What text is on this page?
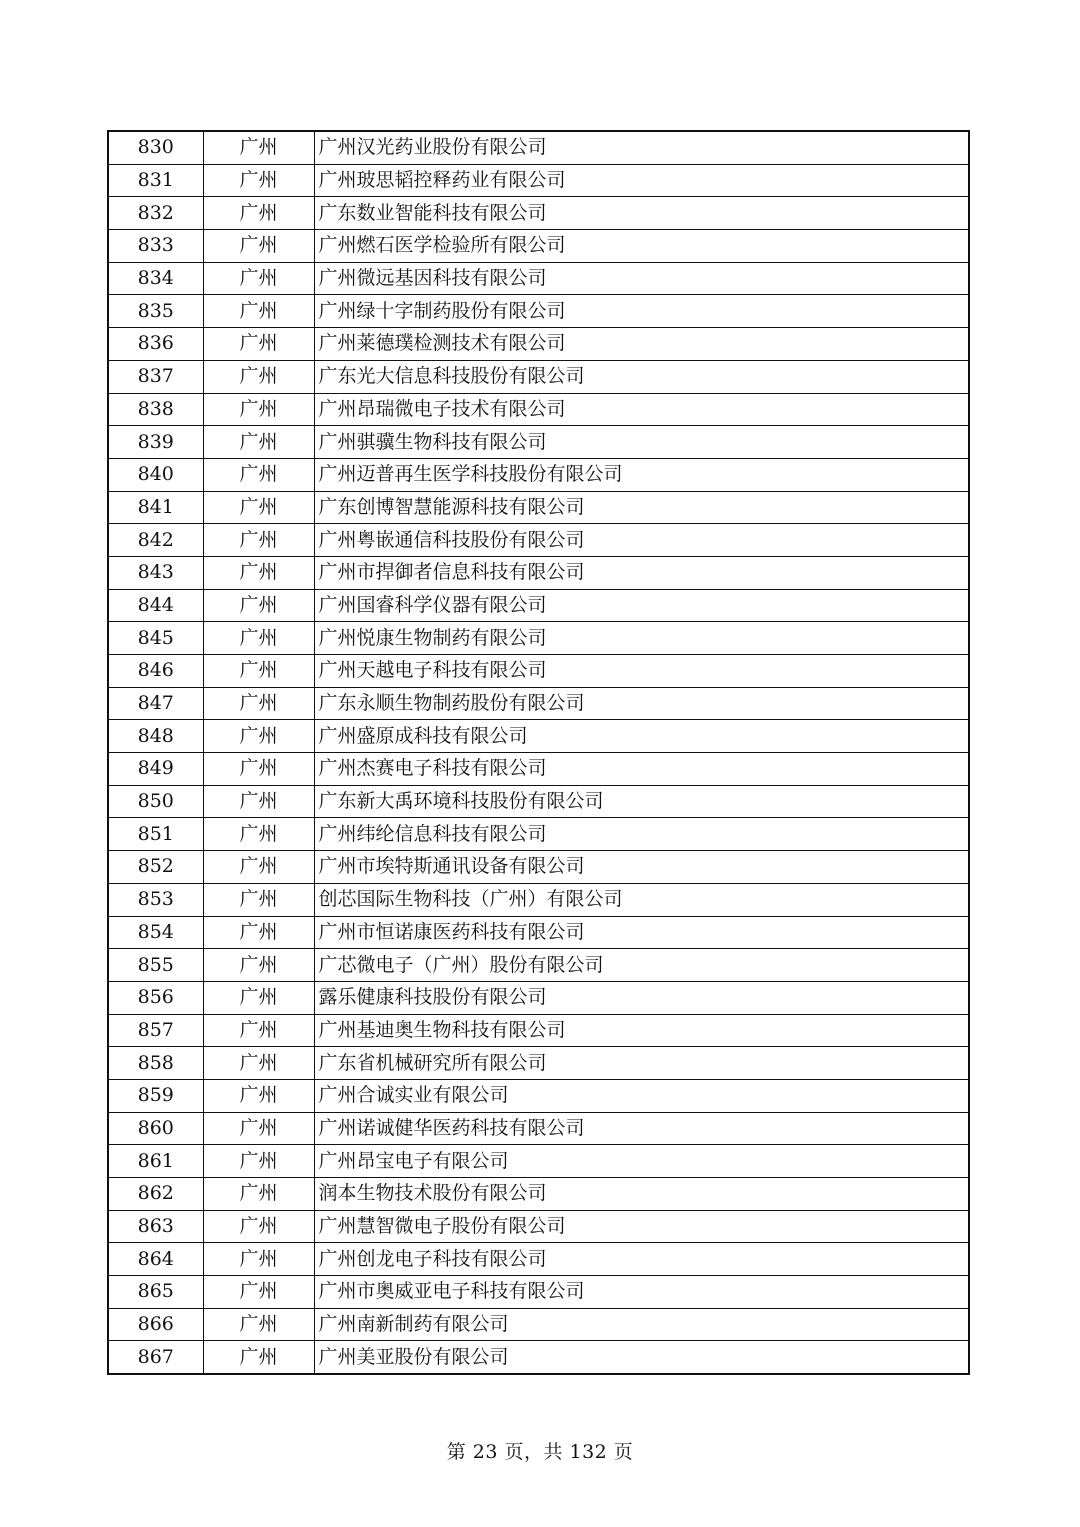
830	广州	广州汉光药业股份有限公司
831	广州	广州玻思韬控释药业有限公司
832	广州	广东数业智能科技有限公司
833	广州	广州燃石医学检验所有限公司
834	广州	广州微远基因科技有限公司
835	广州	广州绿十字制药股份有限公司
836	广州	广州莱德璞检测技术有限公司
837	广州	广东光大信息科技股份有限公司
838	广州	广州昂瑞微电子技术有限公司
839	广州	广州骐骥生物科技有限公司
840	广州	广州迈普再生医学科技股份有限公司
841	广州	广东创博智慧能源科技有限公司
842	广州	广州粤嵌通信科技股份有限公司
843	广州	广州市捍御者信息科技有限公司
844	广州	广州国睿科学仪器有限公司
845	广州	广州悦康生物制药有限公司
846	广州	广州天越电子科技有限公司
847	广州	广东永顺生物制药股份有限公司
848	广州	广州盛原成科技有限公司
849	广州	广州杰赛电子科技有限公司
850	广州	广东新大禹环境科技股份有限公司
851	广州	广州纬纶信息科技有限公司
852	广州	广州市埃特斯通讯设备有限公司
853	广州	创芯国际生物科技（广州）有限公司
854	广州	广州市恒诺康医药科技有限公司
855	广州	广芯微电子（广州）股份有限公司
856	广州	露乐健康科技股份有限公司
857	广州	广州基迪奥生物科技有限公司
858	广州	广东省机械研究所有限公司
859	广州	广州合诚实业有限公司
860	广州	广州诺诚健华医药科技有限公司
861	广州	广州昂宝电子有限公司
862	广州	润本生物技术股份有限公司
863	广州	广州慧智微电子股份有限公司
864	广州	广州创龙电子科技有限公司
865	广州	广州市奥威亚电子科技有限公司
866	广州	广州南新制药有限公司
867	广州	广州美亚股份有限公司
第 23 页，共 132 页
